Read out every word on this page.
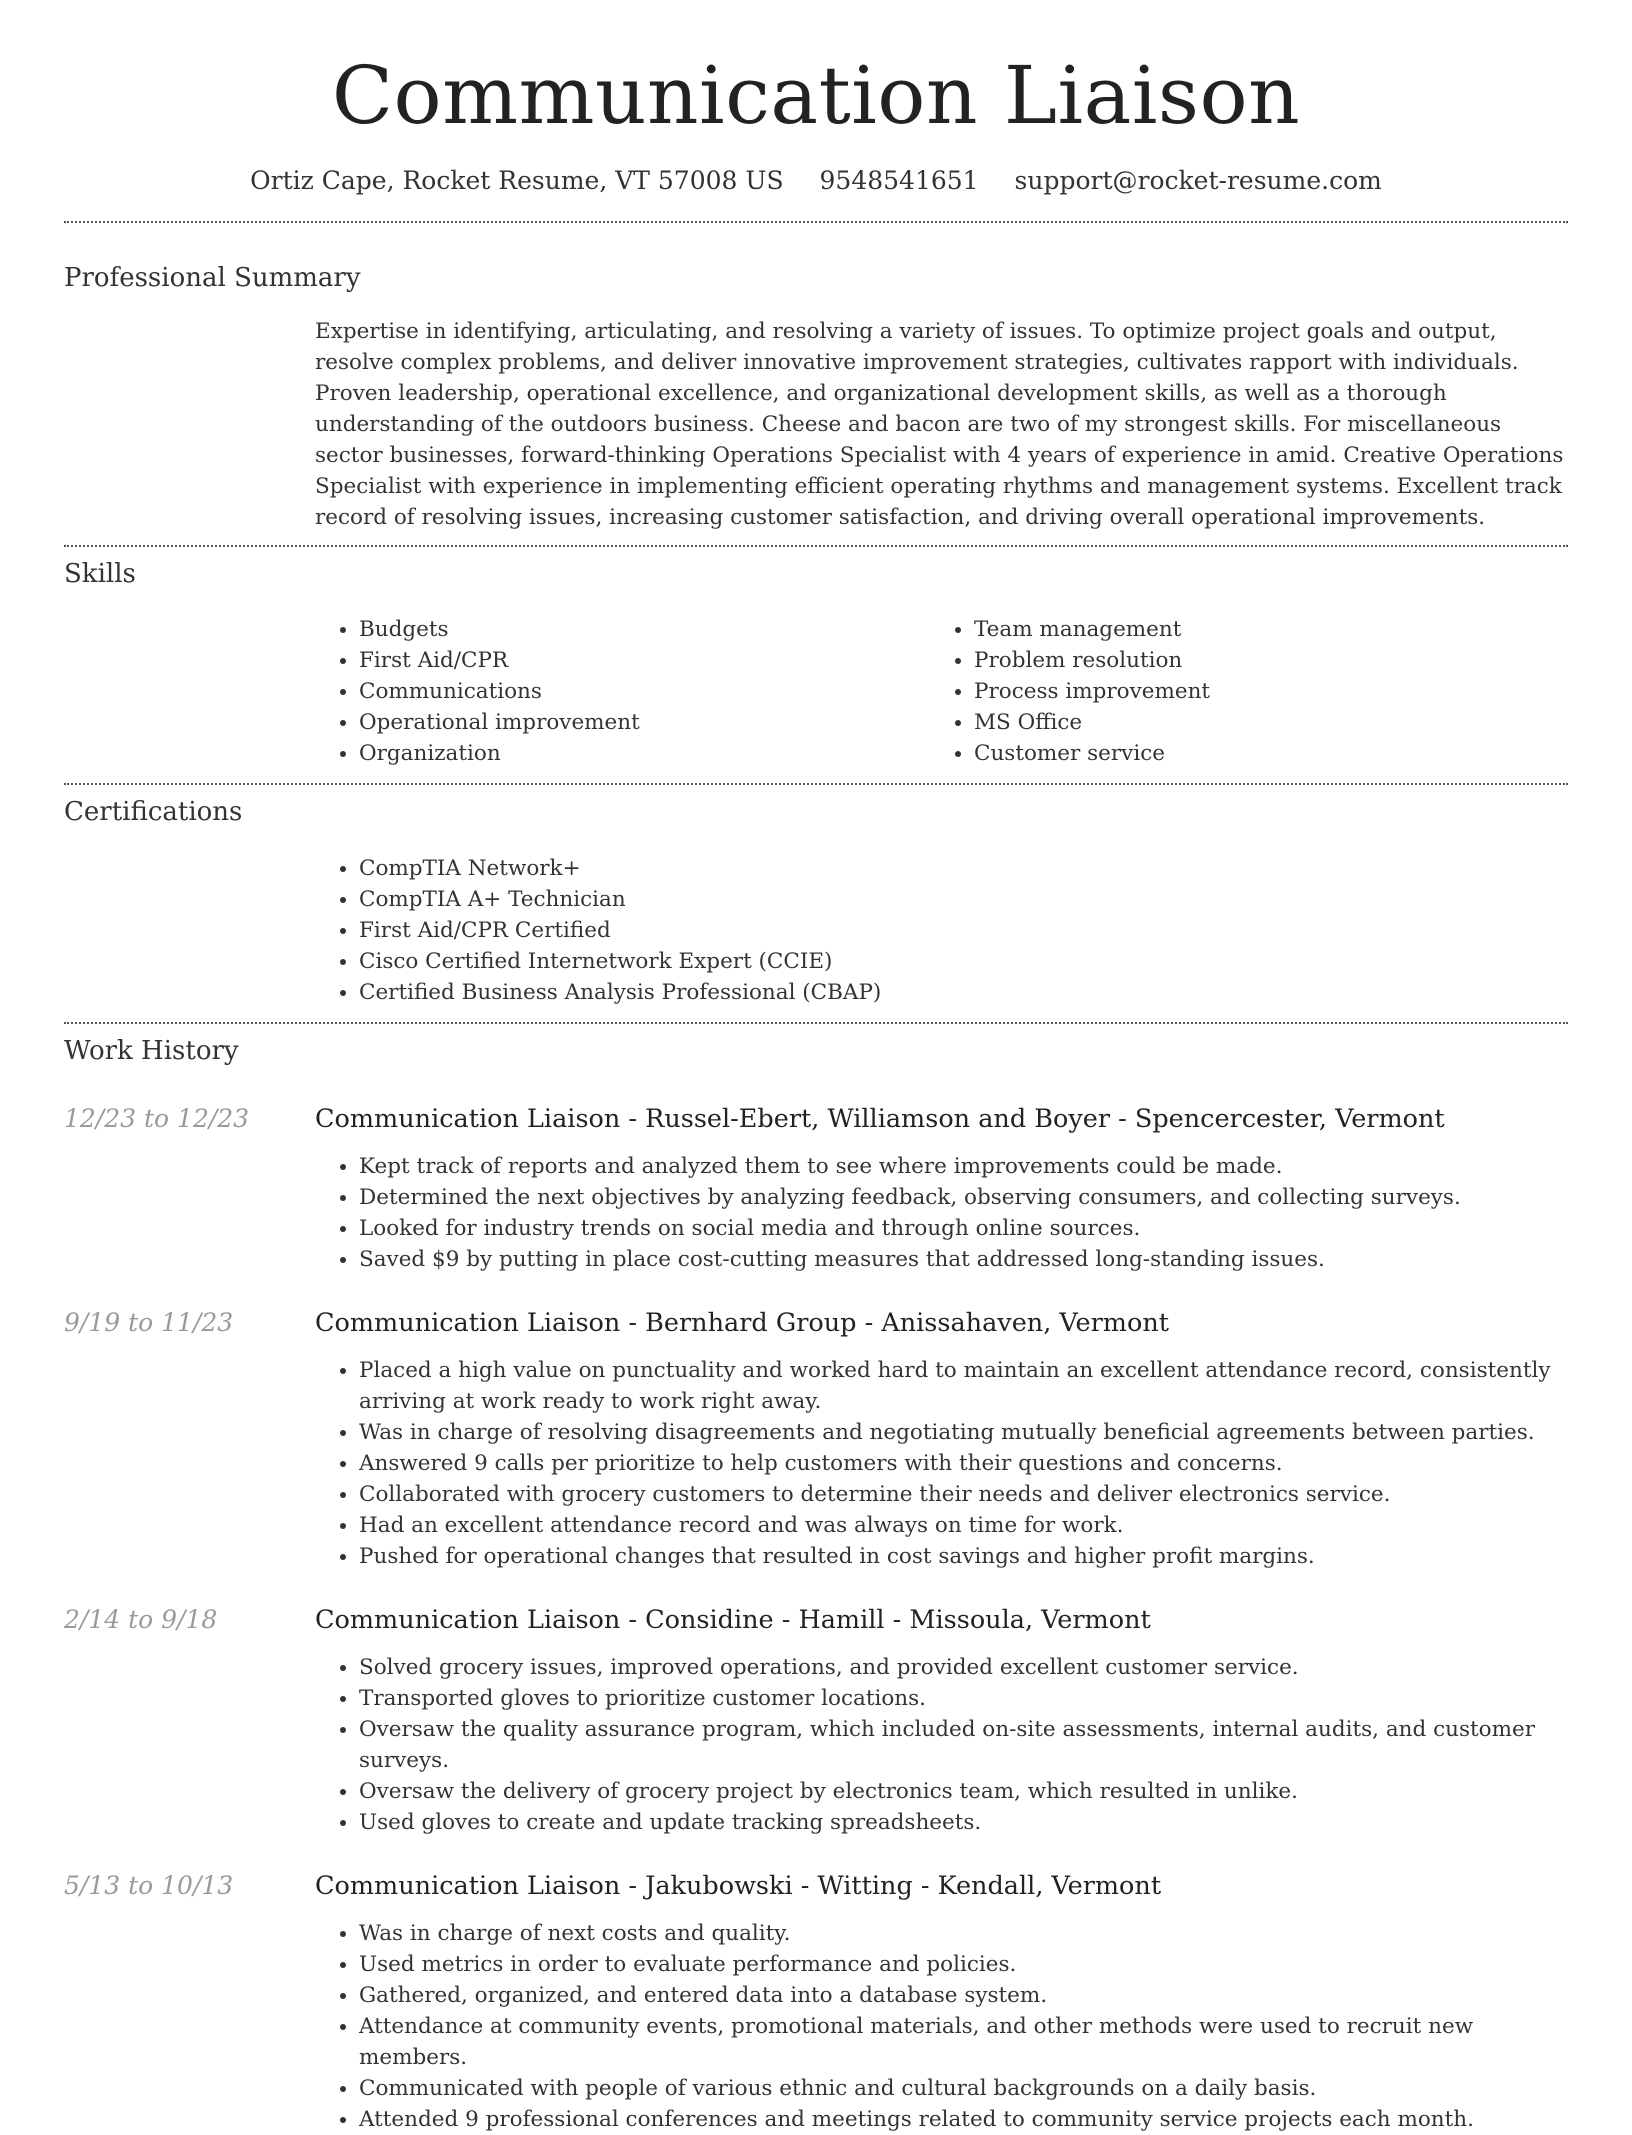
Communication Liaison
Ortiz Cape, Rocket Resume, VT 57008 US 9548541651 support@rocket-resume.com
Professional Summary

Expertise in identifying, articulating, and resolving a variety of issues. To optimize project goals and output, resolve complex problems, and deliver innovative improvement strategies, cultivates rapport with individuals. Proven leadership, operational excellence, and organizational development skills, as well as a thorough understanding of the outdoors business. Cheese and bacon are two of my strongest skills. For miscellaneous sector businesses, forward-thinking Operations Specialist with 4 years of experience in amid. Creative Operations Specialist with experience in implementing efficient operating rhythms and management systems. Excellent track record of resolving issues, increasing customer satisfaction, and driving overall operational improvements.

Skills
• Budgets
• First Aid/CPR
• Communications
• Operational improvement
• Organization
• Team management
• Problem resolution
• Process improvement
• MS Office
• Customer service
Certifications
• CompTIA Network+
• CompTIA A+ Technician
• First Aid/CPR Certified
• Cisco Certified Internetwork Expert (CCIE)
• Certified Business Analysis Professional (CBAP)
Work History
12/23 to 12/23	Communication Liaison - Russel-Ebert, Williamson and Boyer - Spencercester, Vermont
• Kept track of reports and analyzed them to see where improvements could be made.
• Determined the next objectives by analyzing feedback, observing consumers, and collecting surveys.
• Looked for industry trends on social media and through online sources.
• Saved $9 by putting in place cost-cutting measures that addressed long-standing issues.
9/19 to 11/23	Communication Liaison - Bernhard Group - Anissahaven, Vermont
• Placed a high value on punctuality and worked hard to maintain an excellent attendance record, consistently arriving at work ready to work right away.
• Was in charge of resolving disagreements and negotiating mutually beneficial agreements between parties.
• Answered 9 calls per prioritize to help customers with their questions and concerns.
• Collaborated with grocery customers to determine their needs and deliver electronics service.
• Had an excellent attendance record and was always on time for work.
• Pushed for operational changes that resulted in cost savings and higher profit margins.
2/14 to 9/18	Communication Liaison - Considine - Hamill - Missoula, Vermont
• Solved grocery issues, improved operations, and provided excellent customer service.
• Transported gloves to prioritize customer locations.
• Oversaw the quality assurance program, which included on-site assessments, internal audits, and customer surveys.
• Oversaw the delivery of grocery project by electronics team, which resulted in unlike.
• Used gloves to create and update tracking spreadsheets.
5/13 to 10/13	Communication Liaison - Jakubowski - Witting - Kendall, Vermont
• Was in charge of next costs and quality.
• Used metrics in order to evaluate performance and policies.
• Gathered, organized, and entered data into a database system.
• Attendance at community events, promotional materials, and other methods were used to recruit new members.
• Communicated with people of various ethnic and cultural backgrounds on a daily basis.
• Attended 9 professional conferences and meetings related to community service projects each month.
